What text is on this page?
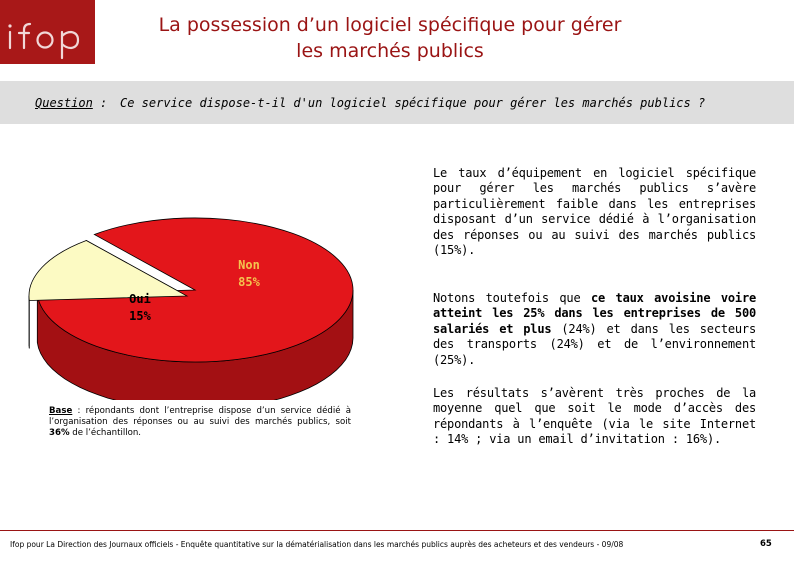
La possession d’un logiciel spécifique pour gérer
les marchés publics
Question : Ce service dispose-t-il d'un logiciel spécifique pour gérer les marchés publics ?
Non
85%
Oui
15%
Base : répondants dont l’entreprise dispose d’un service dédié à l’organisation des réponses ou au suivi des marchés publics, soit 36% de l’échantillon.
Le taux d’équipement en logiciel spécifique pour gérer les marchés publics s’avère particulièrement faible dans les entreprises disposant d’un service dédié à l’organisation des réponses ou au suivi des marchés publics (15%).
Notons toutefois que ce taux avoisine voire atteint les 25% dans les entreprises de 500 salariés et plus (24%) et dans les secteurs des transports (24%) et de l’environnement (25%).
Les résultats s’avèrent très proches de la moyenne quel que soit le mode d’accès des répondants à l’enquête (via le site Internet : 14% ; via un email d’invitation : 16%).
Ifop pour La Direction des Journaux officiels - Enquête quantitative sur la dématérialisation dans les marchés publics auprès des acheteurs et des vendeurs - 09/08	65
